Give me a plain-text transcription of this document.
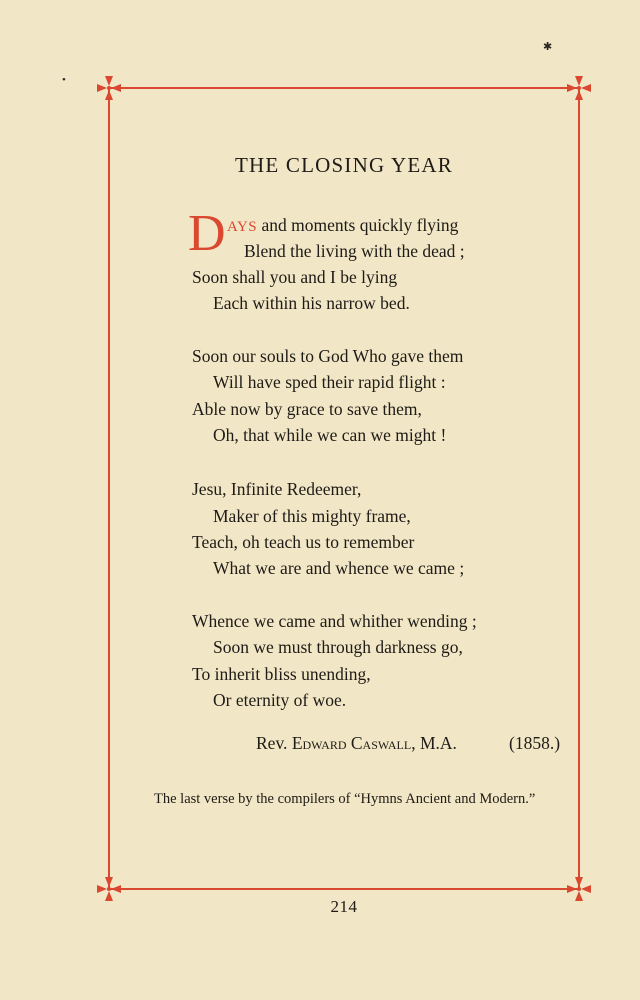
•
✱
THE CLOSING YEAR
D AYS and moments quickly flying
Blend the living with the dead ;
Soon shall you and I be lying
Each within his narrow bed.
Soon our souls to God Who gave them
Will have sped their rapid flight :
Able now by grace to save them,
Oh, that while we can we might !
Jesu, Infinite Redeemer,
Maker of this mighty frame,
Teach, oh teach us to remember
What we are and whence we came ;
Whence we came and whither wending ;
Soon we must through darkness go,
To inherit bliss unending,
Or eternity of woe.
Rev. Edward Caswall, M.A.	(1858.)
The last verse by the compilers of “Hymns Ancient and Modern.”
214
